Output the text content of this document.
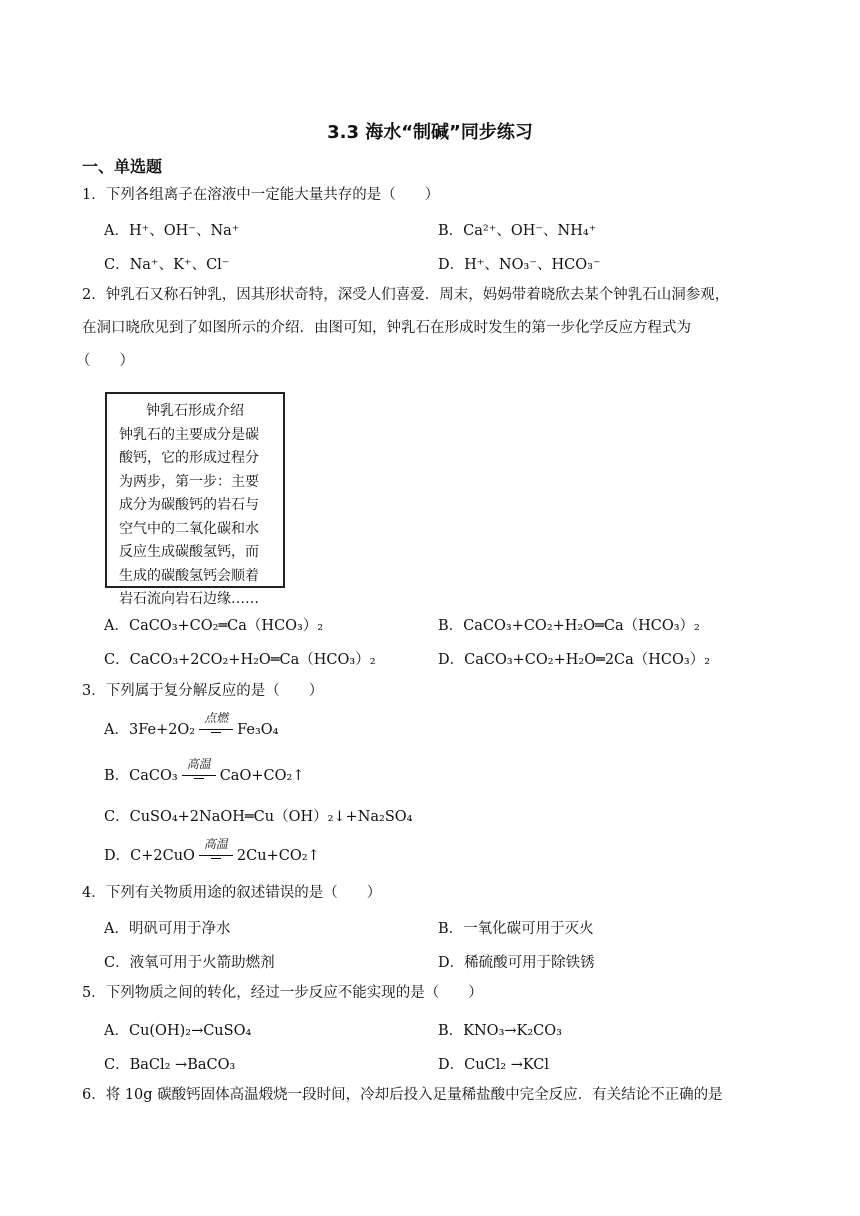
3.3 海水“制碱”同步练习
一、单选题
1．下列各组离子在溶液中一定能大量共存的是（　　）
A．H⁺、OH⁻、Na⁺	B．Ca²⁺、OH⁻、NH₄⁺
C．Na⁺、K⁺、Cl⁻	D．H⁺、NO₃⁻、HCO₃⁻
2．钟乳石又称石钟乳，因其形状奇特，深受人们喜爱．周末，妈妈带着晓欣去某个钟乳石山洞参观，
在洞口晓欣见到了如图所示的介绍．由图可知，钟乳石在形成时发生的第一步化学反应方程式为
（　　）
钟乳石形成介绍
钟乳石的主要成分是碳
酸钙，它的形成过程分
为两步，第一步：主要
成分为碳酸钙的岩石与
空气中的二氧化碳和水
反应生成碳酸氢钙，而
生成的碳酸氢钙会顺着
岩石流向岩石边缘……
A．CaCO₃+CO₂═Ca（HCO₃）₂	B．CaCO₃+CO₂+H₂O═Ca（HCO₃）₂
C．CaCO₃+2CO₂+H₂O═Ca（HCO₃）₂	D．CaCO₃+CO₂+H₂O═2Ca（HCO₃）₂
3．下列属于复分解反应的是（　　）
A．3Fe+2O₂
点燃
Fe₃O₄
B．CaCO₃
高温
CaO+CO₂↑
C．CuSO₄+2NaOH═Cu（OH）₂↓+Na₂SO₄
D．C+2CuO
高温
2Cu+CO₂↑
4．下列有关物质用途的叙述错误的是（　　）
A．明矾可用于净水	B．一氧化碳可用于灭火
C．液氧可用于火箭助燃剂	D．稀硫酸可用于除铁锈
5．下列物质之间的转化，经过一步反应不能实现的是（　　）
A．Cu(OH)₂→CuSO₄	B．KNO₃→K₂CO₃
C．BaCl₂ →BaCO₃	D．CuCl₂ →KCl
6．将 10g 碳酸钙固体高温煅烧一段时间，冷却后投入足量稀盐酸中完全反应．有关结论不正确的是
